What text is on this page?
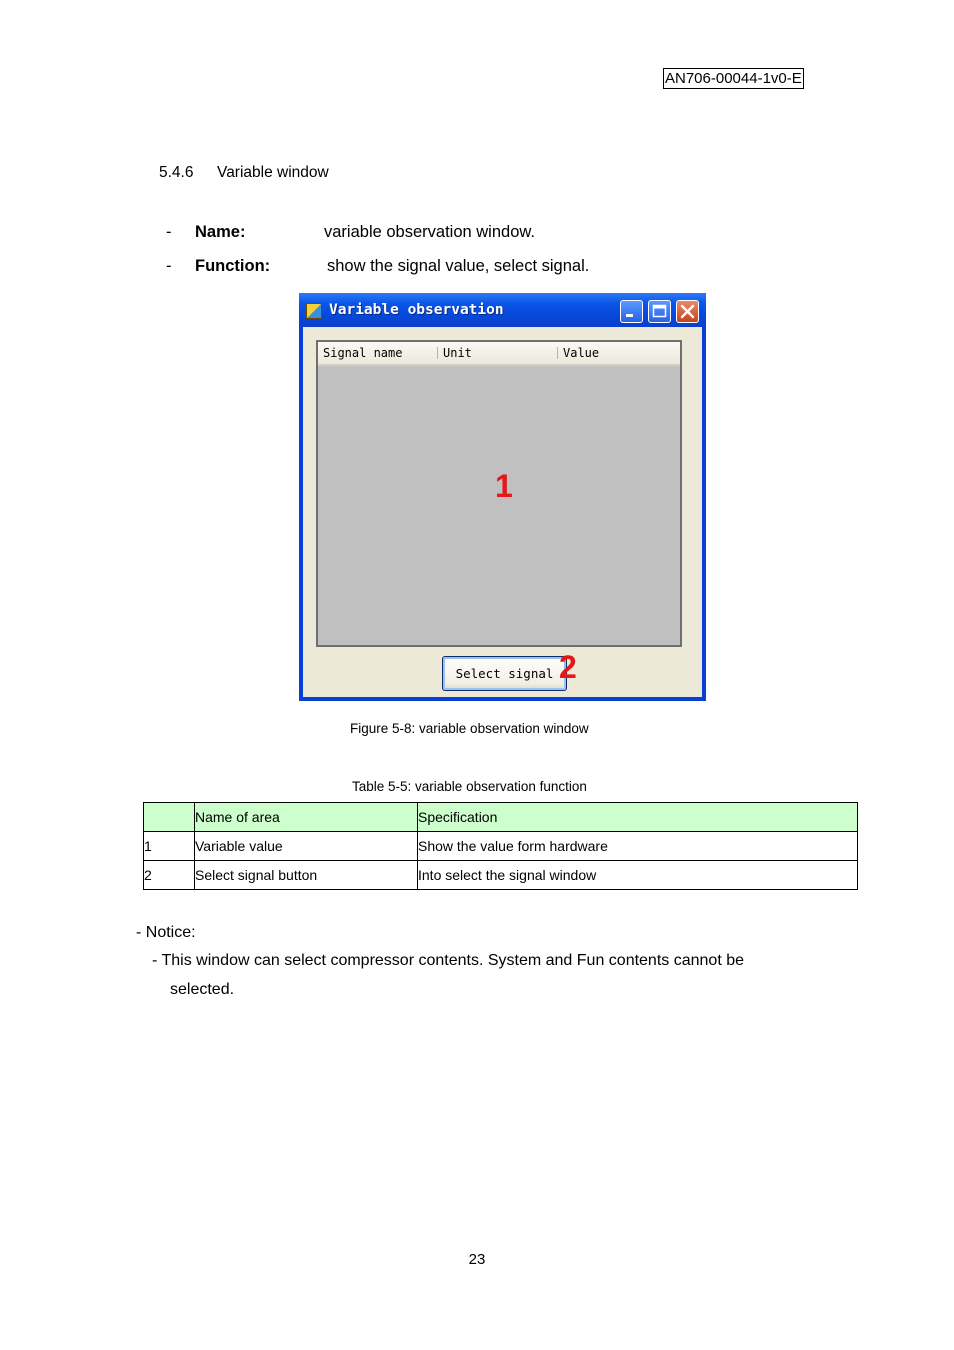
AN706-00044-1v0-E
5.4.6 Variable window
- Name:	variable observation window.
- Function:	show the signal value, select signal.
Variable observation
Signal name	Unit	Value
1
Select signal 2
Figure 5-8: variable observation window
Table 5-5: variable observation function
	Name of area	Specification
1	Variable value	Show the value form hardware
2	Select signal button	Into select the signal window
- Notice:
- This window can select compressor contents. System and Fun contents cannot be
selected.
23
